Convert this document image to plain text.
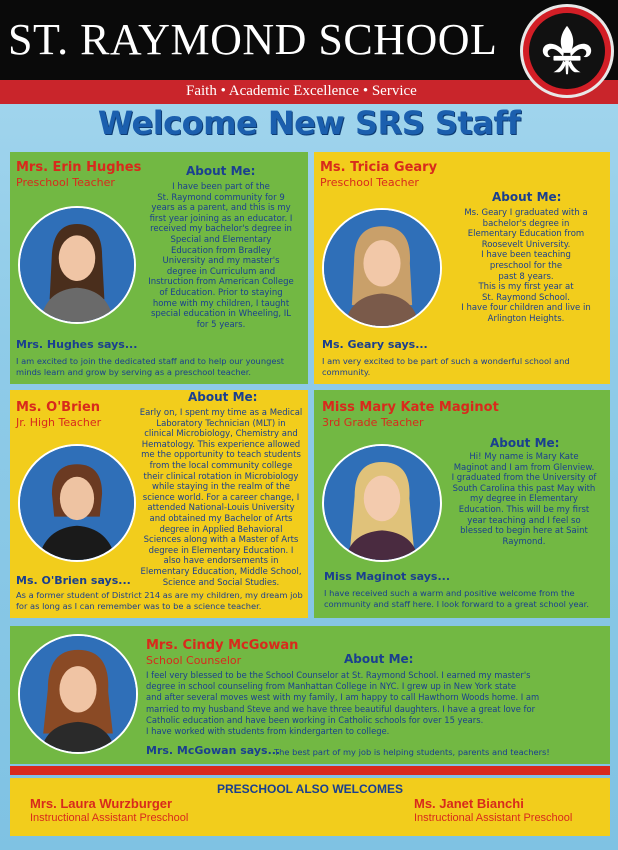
ST. RAYMOND SCHOOL
Faith • Academic Excellence • Service
Welcome New SRS Staff
Mrs. Erin Hughes
Preschool Teacher
About Me:
I have been part of the
St. Raymond community for 9
years as a parent, and this is my
first year joining as an educator. I
received my bachelor's degree in
Special and Elementary
Education from Bradley
University and my master's
degree in Curriculum and
Instruction from American College
of Education. Prior to staying
home with my children, I taught
special education in Wheeling, IL
for 5 years.
Mrs. Hughes says...
I am excited to join the dedicated staff and to help our youngest minds learn and grow by serving as a preschool teacher.
Ms. Tricia Geary
Preschool Teacher
About Me:
Ms. Geary I graduated with a
bachelor's degree in
Elementary Education from
Roosevelt University.
I have been teaching
preschool for the
past 8 years.
This is my first year at
St. Raymond School.
I have four children and live in
Arlington Heights.
Ms. Geary says...
I am very excited to be part of such a wonderful school and community.
Ms. O'Brien
Jr. High Teacher
About Me:
Early on, I spent my time as a Medical
Laboratory Technician (MLT) in
clinical Microbiology, Chemistry and
Hematology. This experience allowed
me the opportunity to teach students
from the local community college
their clinical rotation in Microbiology
while staying in the realm of the
science world. For a career change, I
attended National-Louis University
and obtained my Bachelor of Arts
degree in Applied Behavioral
Sciences along with a Master of Arts
degree in Elementary Education. I
also have endorsements in
Elementary Education, Middle School,
Science and Social Studies.
Ms. O'Brien says...
As a former student of District 214 as are my children, my dream job for as long as I can remember was to be a science teacher.
Miss Mary Kate Maginot
3rd Grade Teacher
About Me:
Hi! My name is Mary Kate
Maginot and I am from Glenview.
I graduated from the University of
South Carolina this past May with
my degree in Elementary
Education. This will be my first
year teaching and I feel so
blessed to begin here at Saint
Raymond.
Miss Maginot says...
I have received such a warm and positive welcome from the community and staff here. I look forward to a great school year.
Mrs. Cindy McGowan
School Counselor	About Me:
I feel very blessed to be the School Counselor at St. Raymond School. I earned my master's
degree in school counseling from Manhattan College in NYC. I grew up in New York state
and after several moves west with my family, I am happy to call Hawthorn Woods home. I am
married to my husband Steve and we have three beautiful daughters. I have a great love for
Catholic education and have been working in Catholic schools for over 15 years.
I have worked with students from kindergarten to college.
Mrs. McGowan says...
The best part of my job is helping students, parents and teachers!
PRESCHOOL ALSO WELCOMES
Mrs. Laura Wurzburger
Instructional Assistant Preschool
Ms. Janet Bianchi
Instructional Assistant Preschool
